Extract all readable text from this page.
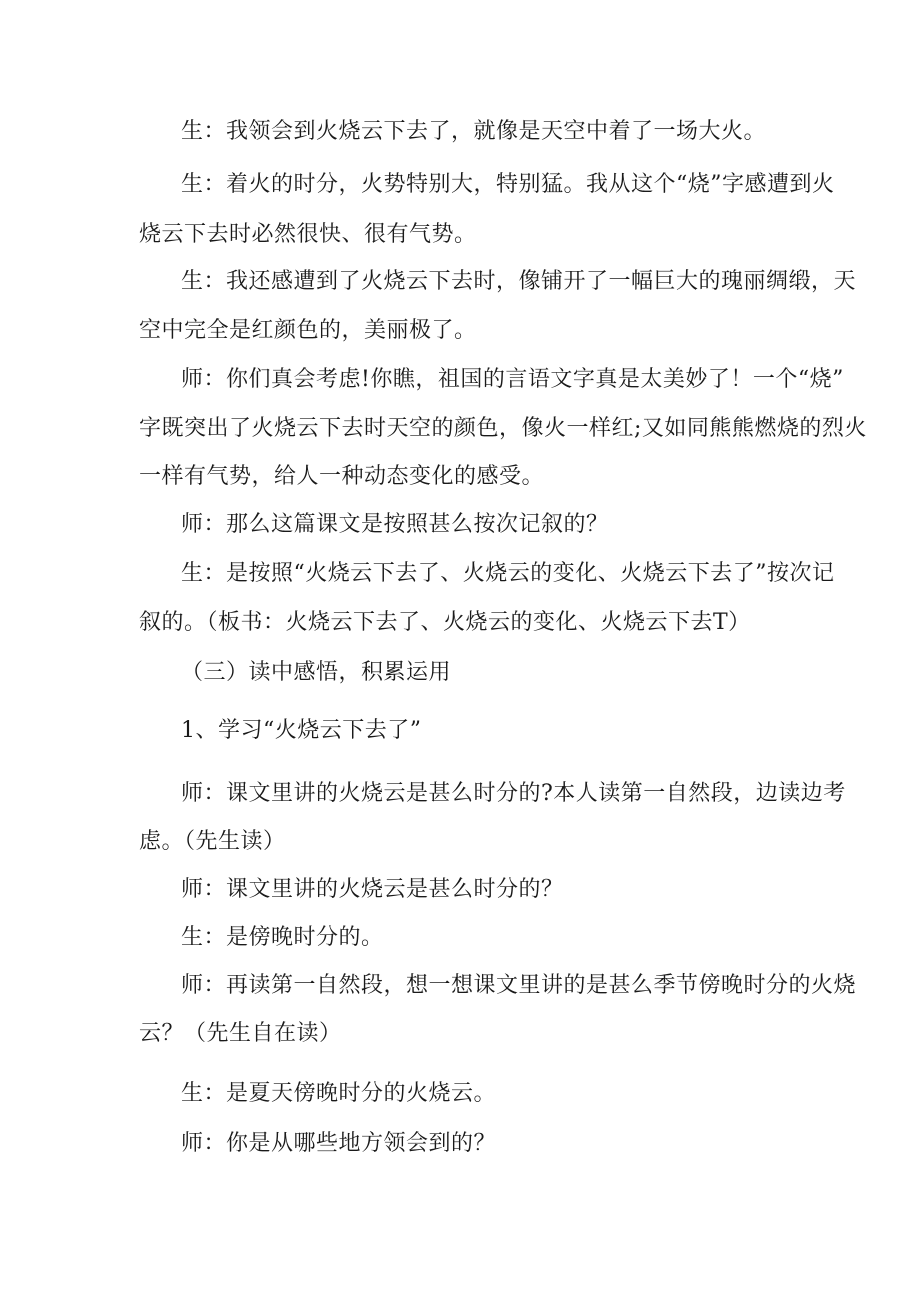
生：我领会到火烧云下去了，就像是天空中着了一场大火。
生：着火的时分，火势特别大，特别猛。我从这个“烧”字感遭到火
烧云下去时必然很快、很有气势。
生：我还感遭到了火烧云下去时，像铺开了一幅巨大的瑰丽绸缎，天
空中完全是红颜色的，美丽极了。
师：你们真会考虑!你瞧，祖国的言语文字真是太美妙了！一个“烧”
字既突出了火烧云下去时天空的颜色，像火一样红;又如同熊熊燃烧的烈火
一样有气势，给人一种动态变化的感受。
师：那么这篇课文是按照甚么按次记叙的？
生：是按照“火烧云下去了、火烧云的变化、火烧云下去了”按次记
叙的。（板书：火烧云下去了、火烧云的变化、火烧云下去T）
（三）读中感悟，积累运用
1、学习“火烧云下去了”
师：课文里讲的火烧云是甚么时分的?本人读第一自然段，边读边考
虑。（先生读）
师：课文里讲的火烧云是甚么时分的？
生：是傍晚时分的。
师：再读第一自然段，想一想课文里讲的是甚么季节傍晚时分的火烧
云？（先生自在读）
生：是夏天傍晚时分的火烧云。
师：你是从哪些地方领会到的？
